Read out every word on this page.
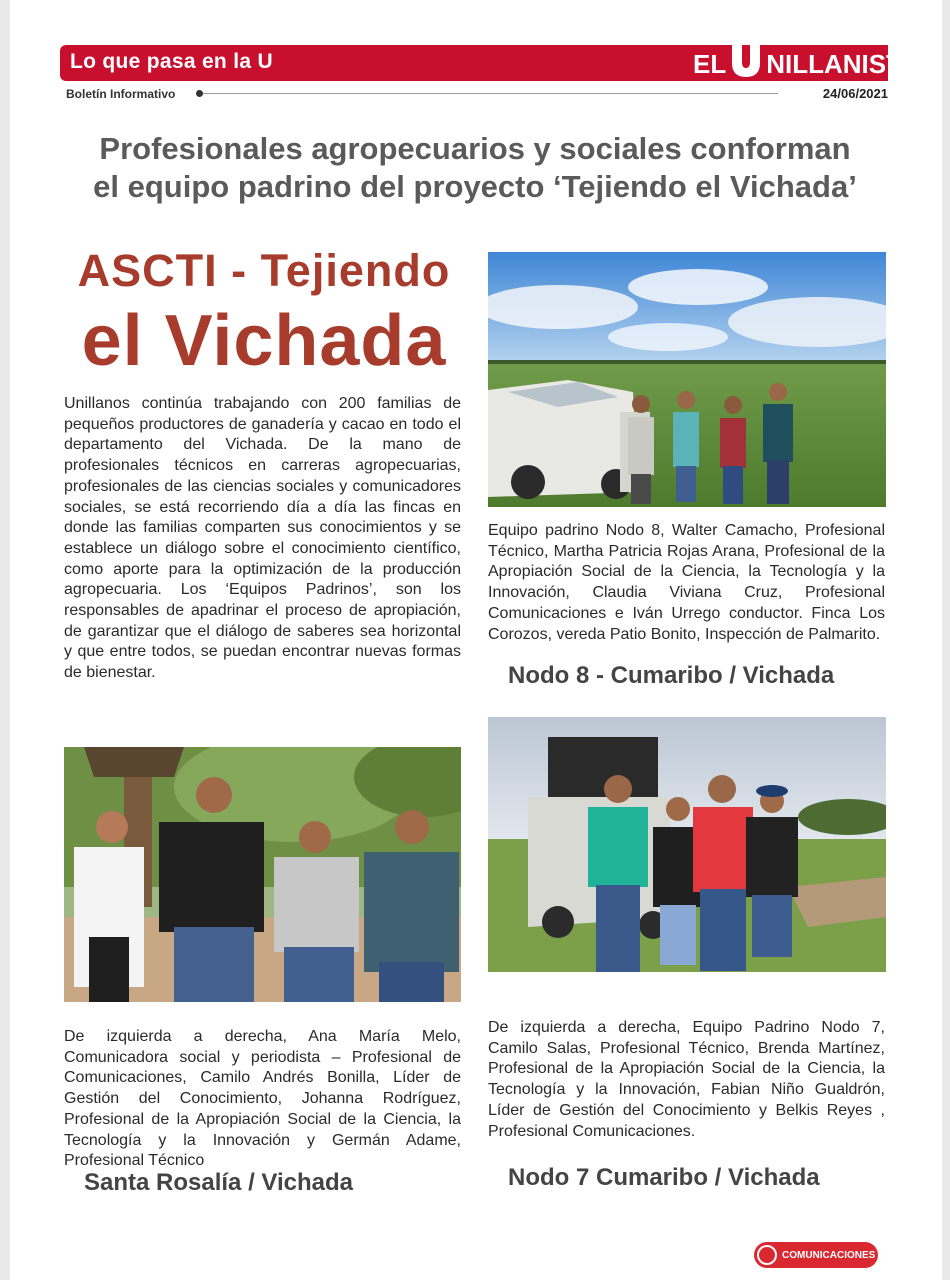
Lo que pasa en la U	EL NILLANISTA
Boletín Informativo	24/06/2021
Profesionales agropecuarios y sociales conforman
el equipo padrino del proyecto ‘Tejiendo el Vichada’
ASCTI - Tejiendo
el Vichada
Unillanos continúa trabajando con 200 familias de pequeños productores de ganadería y cacao en todo el departamento del Vichada. De la mano de profesionales técnicos en carreras agropecuarias, profesionales de las ciencias sociales y comunicadores sociales, se está recorriendo día a día las fincas en donde las familias comparten sus conocimientos y se establece un diálogo sobre el conocimiento científico, como aporte para la optimización de la producción agropecuaria. Los ‘Equipos Padrinos’, son los responsables de apadrinar el proceso de apropiación, de garantizar que el diálogo de saberes sea horizontal y que entre todos, se puedan encontrar nuevas formas de bienestar.
Equipo padrino Nodo 8, Walter Camacho, Profesional Técnico, Martha Patricia Rojas Arana, Profesional de la Apropiación Social de la Ciencia, la Tecnología y la Innovación, Claudia Viviana Cruz, Profesional Comunicaciones e Iván Urrego conductor. Finca Los Corozos, vereda Patio Bonito, Inspección de Palmarito.
Nodo 8 - Cumaribo / Vichada
De izquierda a derecha, Ana María Melo, Comunicadora social y periodista – Profesional de Comunicaciones, Camilo Andrés Bonilla, Líder de Gestión del Conocimiento, Johanna Rodríguez, Profesional de la Apropiación Social de la Ciencia, la Tecnología y la Innovación y Germán Adame, Profesional Técnico
Santa Rosalía / Vichada
De izquierda a derecha, Equipo Padrino Nodo 7, Camilo Salas, Profesional Técnico, Brenda Martínez, Profesional de la Apropiación Social de la Ciencia, la Tecnología y la Innovación, Fabian Niño Gualdrón, Líder de Gestión del Conocimiento y Belkis Reyes , Profesional Comunicaciones.
Nodo 7 Cumaribo / Vichada
COMUNICACIONES
